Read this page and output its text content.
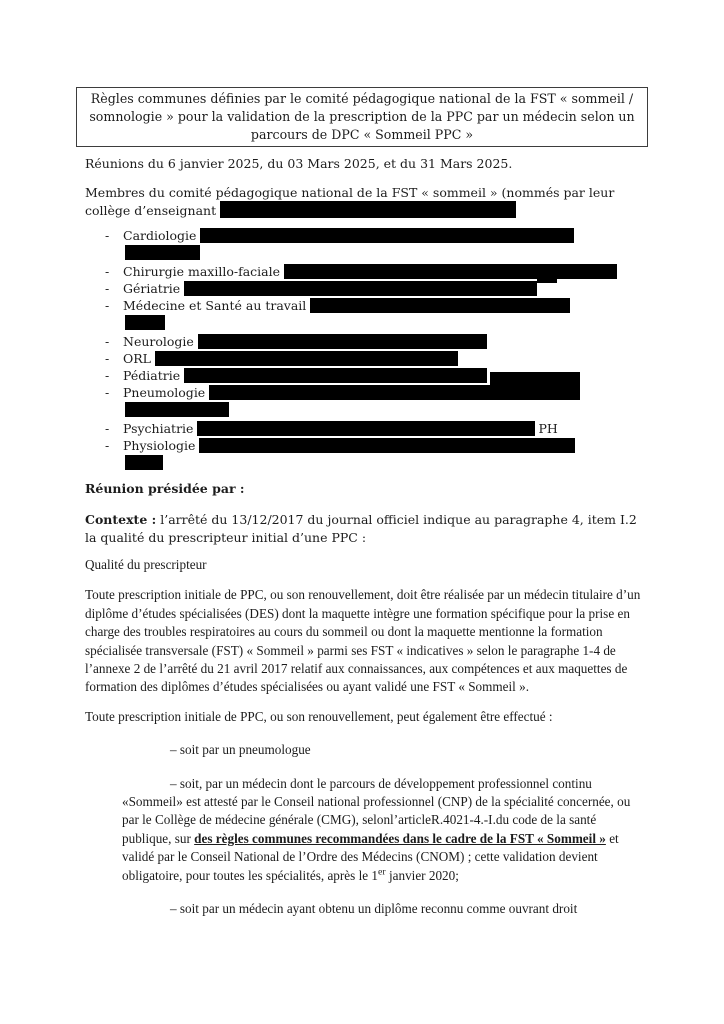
Règles communes définies par le comité pédagogique national de la FST « sommeil /
somnologie » pour la validation de la prescription de la PPC par un médecin selon un
parcours de DPC « Sommeil PPC »

Réunions du 6 janvier 2025, du 03 Mars 2025, et du 31 Mars 2025.

Membres du comité pédagogique national de la FST « sommeil » (nommés par leur
collège d’enseignant
- Cardiologie
- Chirurgie maxillo-faciale
- Gériatrie
- Médecine et Santé au travail
- Neurologie
- ORL
- Pédiatrie
- Pneumologie
- Psychiatrie	PH
- Physiologie

Réunion présidée par :

Contexte : l’arrêté du 13/12/2017 du journal officiel indique au paragraphe 4, item I.2 la qualité du prescripteur initial d’une PPC :

Qualité du prescripteur

Toute prescription initiale de PPC, ou son renouvellement, doit être réalisée par un médecin titulaire d’un diplôme d’études spécialisées (DES) dont la maquette intègre une formation spécifique pour la prise en charge des troubles respiratoires au cours du sommeil ou dont la maquette mentionne la formation spécialisée transversale (FST) « Sommeil » parmi ses FST « indicatives » selon le paragraphe 1-4 de l’annexe 2 de l’arrêté du 21 avril 2017 relatif aux connaissances, aux compétences et aux maquettes de formation des diplômes d’études spécialisées ou ayant validé une FST « Sommeil ».

Toute prescription initiale de PPC, ou son renouvellement, peut également être effectué :

– soit par un pneumologue

– soit, par un médecin dont le parcours de développement professionnel continu «Sommeil» est attesté par le Conseil national professionnel (CNP) de la spécialité concernée, ou par le Collège de médecine générale (CMG), selonl’articleR.4021-4.-I.du code de la santé publique, sur des règles communes recommandées dans le cadre de la FST « Sommeil » et validé par le Conseil National de l’Ordre des Médecins (CNOM) ; cette validation devient obligatoire, pour toutes les spécialités, après le 1er janvier 2020;

– soit par un médecin ayant obtenu un diplôme reconnu comme ouvrant droit
